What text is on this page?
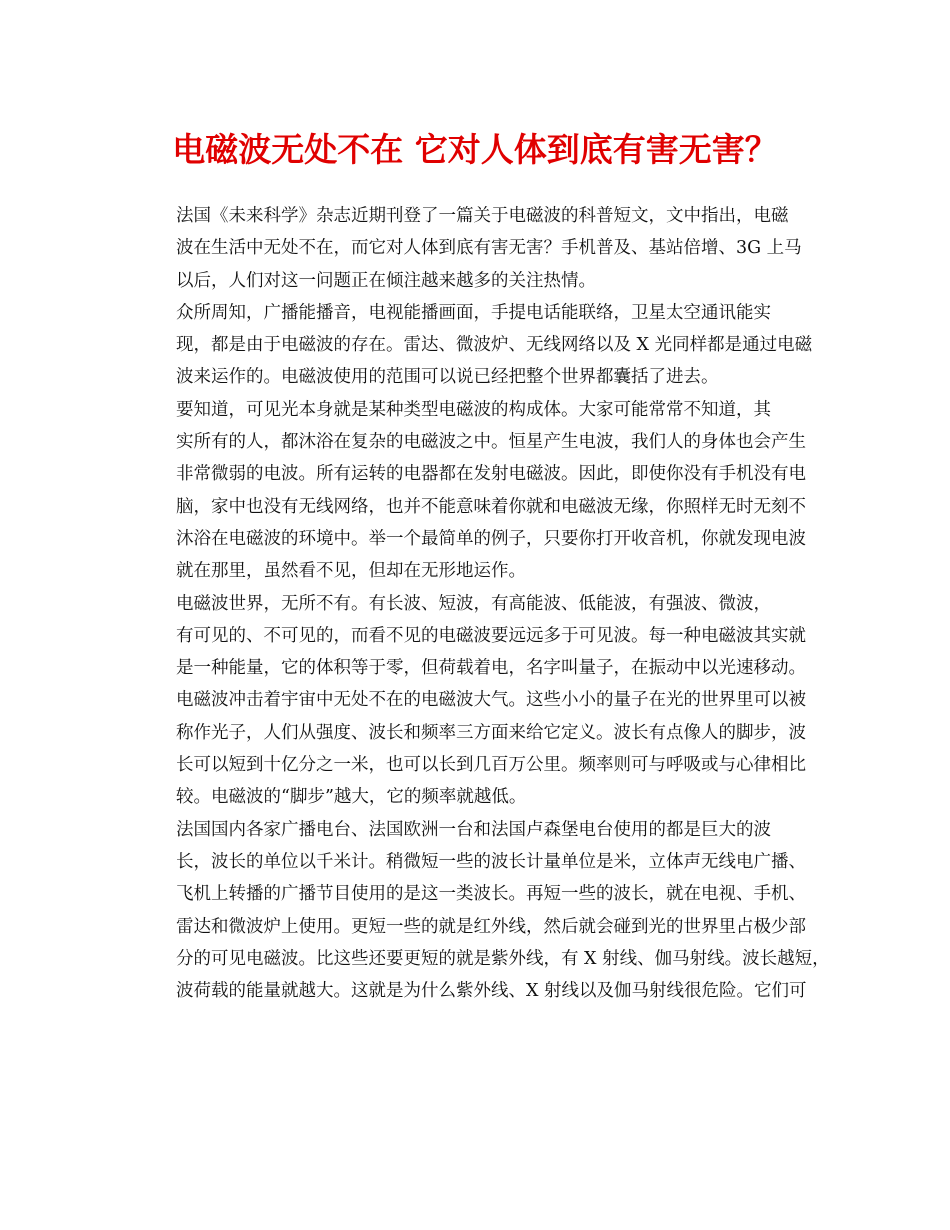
电磁波无处不在 它对人体到底有害无害？

法国《未来科学》杂志近期刊登了一篇关于电磁波的科普短文，文中指出，电磁
波在生活中无处不在，而它对人体到底有害无害？手机普及、基站倍增、3G 上马
以后，人们对这一问题正在倾注越来越多的关注热情。

众所周知，广播能播音，电视能播画面，手提电话能联络，卫星太空通讯能实
现，都是由于电磁波的存在。雷达、微波炉、无线网络以及 X 光同样都是通过电磁
波来运作的。电磁波使用的范围可以说已经把整个世界都囊括了进去。

要知道，可见光本身就是某种类型电磁波的构成体。大家可能常常不知道，其
实所有的人，都沐浴在复杂的电磁波之中。恒星产生电波，我们人的身体也会产生
非常微弱的电波。所有运转的电器都在发射电磁波。因此，即使你没有手机没有电
脑，家中也没有无线网络，也并不能意味着你就和电磁波无缘，你照样无时无刻不
沐浴在电磁波的环境中。举一个最简单的例子，只要你打开收音机，你就发现电波
就在那里，虽然看不见，但却在无形地运作。

电磁波世界，无所不有。有长波、短波，有高能波、低能波，有强波、微波，
有可见的、不可见的，而看不见的电磁波要远远多于可见波。每一种电磁波其实就
是一种能量，它的体积等于零，但荷载着电，名字叫量子，在振动中以光速移动。
电磁波冲击着宇宙中无处不在的电磁波大气。这些小小的量子在光的世界里可以被
称作光子，人们从强度、波长和频率三方面来给它定义。波长有点像人的脚步，波
长可以短到十亿分之一米，也可以长到几百万公里。频率则可与呼吸或与心律相比
较。电磁波的“脚步”越大，它的频率就越低。

法国国内各家广播电台、法国欧洲一台和法国卢森堡电台使用的都是巨大的波
长，波长的单位以千米计。稍微短一些的波长计量单位是米，立体声无线电广播、
飞机上转播的广播节目使用的是这一类波长。再短一些的波长，就在电视、手机、
雷达和微波炉上使用。更短一些的就是红外线，然后就会碰到光的世界里占极少部
分的可见电磁波。比这些还要更短的就是紫外线，有 X 射线、伽马射线。波长越短，
波荷载的能量就越大。这就是为什么紫外线、X 射线以及伽马射线很危险。它们可
